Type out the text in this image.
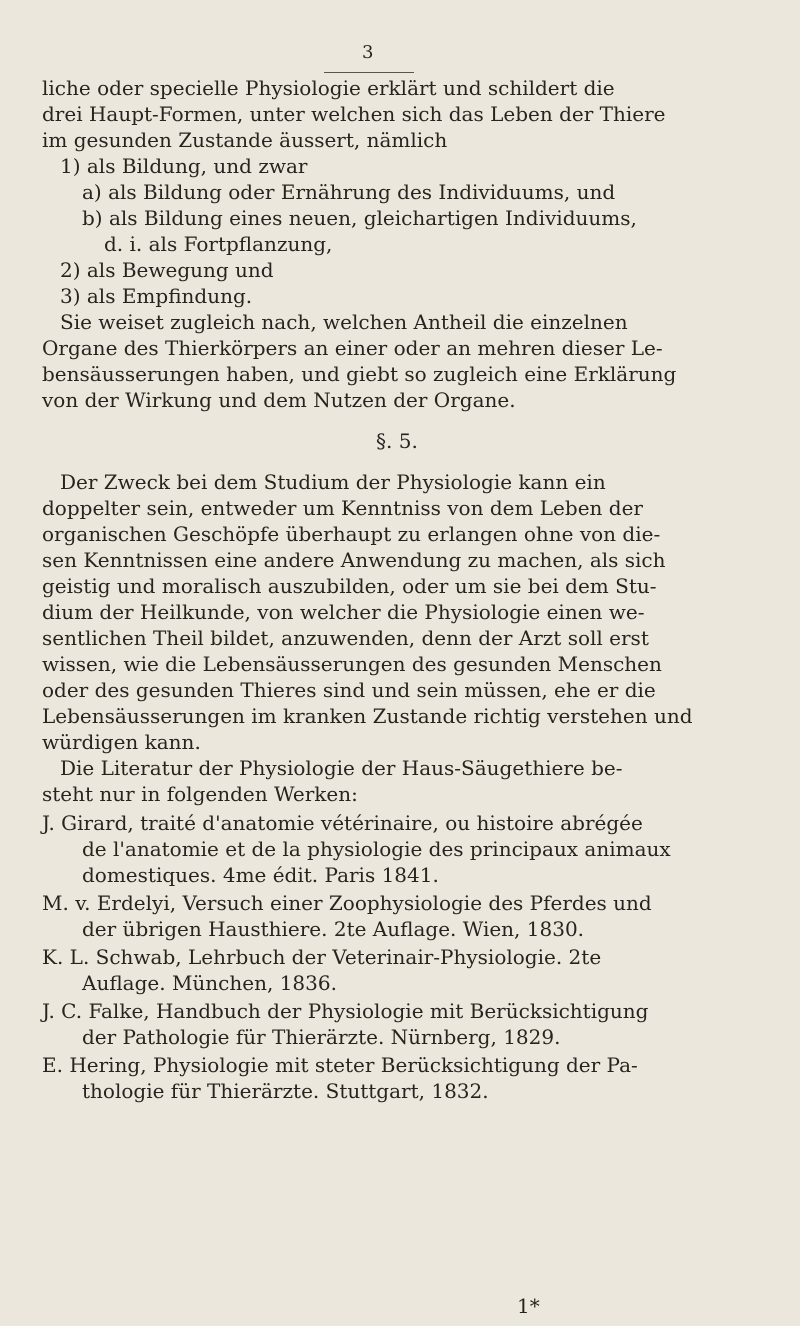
3
liche oder specielle Physiologie erklärt und schildert die
drei Haupt-Formen, unter welchen sich das Leben der Thiere
im gesunden Zustande äussert, nämlich
1) als Bildung, und zwar
a) als Bildung oder Ernährung des Individuums, und
b) als Bildung eines neuen, gleichartigen Individuums,
d. i. als Fortpflanzung,
2) als Bewegung und
3) als Empfindung.
Sie weiset zugleich nach, welchen Antheil die einzelnen
Organe des Thierkörpers an einer oder an mehren dieser Le-
bensäusserungen haben, und giebt so zugleich eine Erklärung
von der Wirkung und dem Nutzen der Organe.
§. 5.
Der Zweck bei dem Studium der Physiologie kann ein
doppelter sein, entweder um Kenntniss von dem Leben der
organischen Geschöpfe überhaupt zu erlangen ohne von die-
sen Kenntnissen eine andere Anwendung zu machen, als sich
geistig und moralisch auszubilden, oder um sie bei dem Stu-
dium der Heilkunde, von welcher die Physiologie einen we-
sentlichen Theil bildet, anzuwenden, denn der Arzt soll erst
wissen, wie die Lebensäusserungen des gesunden Menschen
oder des gesunden Thieres sind und sein müssen, ehe er die
Lebensäusserungen im kranken Zustande richtig verstehen und
würdigen kann.
Die Literatur der Physiologie der Haus-Säugethiere be-
steht nur in folgenden Werken:
J. Girard, traité d'anatomie vétérinaire, ou histoire abrégée
de l'anatomie et de la physiologie des principaux animaux
domestiques. 4me édit. Paris 1841.
M. v. Erdelyi, Versuch einer Zoophysiologie des Pferdes und
der übrigen Hausthiere. 2te Auflage. Wien, 1830.
K. L. Schwab, Lehrbuch der Veterinair-Physiologie. 2te
Auflage. München, 1836.
J. C. Falke, Handbuch der Physiologie mit Berücksichtigung
der Pathologie für Thierärzte. Nürnberg, 1829.
E. Hering, Physiologie mit steter Berücksichtigung der Pa-
thologie für Thierärzte. Stuttgart, 1832.
1*
